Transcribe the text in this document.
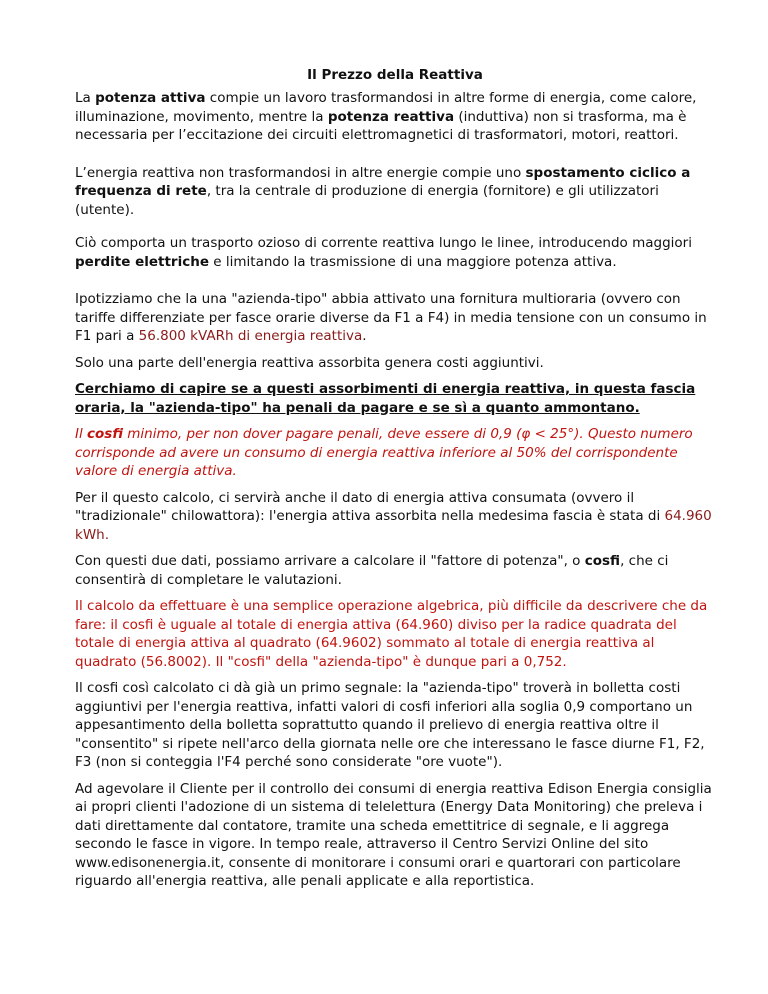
Il Prezzo della Reattiva

La potenza attiva compie un lavoro trasformandosi in altre forme di energia, come calore, illuminazione, movimento, mentre la potenza reattiva (induttiva) non si trasforma, ma è necessaria per l’eccitazione dei circuiti elettromagnetici di trasformatori, motori, reattori.

L’energia reattiva non trasformandosi in altre energie compie uno spostamento ciclico a frequenza di rete, tra la centrale di produzione di energia (fornitore) e gli utilizzatori (utente).

Ciò comporta un trasporto ozioso di corrente reattiva lungo le linee, introducendo maggiori perdite elettriche e limitando la trasmissione di una maggiore potenza attiva.

Ipotizziamo che la una "azienda-tipo" abbia attivato una fornitura multioraria (ovvero con tariffe differenziate per fasce orarie diverse da F1 a F4) in media tensione con un consumo in F1 pari a 56.800 kVARh di energia reattiva.

Solo una parte dell'energia reattiva assorbita genera costi aggiuntivi.

Cerchiamo di capire se a questi assorbimenti di energia reattiva, in questa fascia oraria, la "azienda-tipo" ha penali da pagare e se sì a quanto ammontano.

Il cosfi minimo, per non dover pagare penali, deve essere di 0,9 (φ < 25°). Questo numero corrisponde ad avere un consumo di energia reattiva inferiore al 50% del corrispondente valore di energia attiva.

Per il questo calcolo, ci servirà anche il dato di energia attiva consumata (ovvero il "tradizionale" chilowattora): l'energia attiva assorbita nella medesima fascia è stata di 64.960 kWh.

Con questi due dati, possiamo arrivare a calcolare il "fattore di potenza", o cosfi, che ci consentirà di completare le valutazioni.

Il calcolo da effettuare è una semplice operazione algebrica, più difficile da descrivere che da fare: il cosfi è uguale al totale di energia attiva (64.960) diviso per la radice quadrata del totale di energia attiva al quadrato (64.9602) sommato al totale di energia reattiva al quadrato (56.8002). Il "cosfi" della "azienda-tipo" è dunque pari a 0,752.

Il cosfi così calcolato ci dà già un primo segnale: la "azienda-tipo" troverà in bolletta costi aggiuntivi per l'energia reattiva, infatti valori di cosfi inferiori alla soglia 0,9 comportano un appesantimento della bolletta soprattutto quando il prelievo di energia reattiva oltre il "consentito" si ripete nell'arco della giornata nelle ore che interessano le fasce diurne F1, F2, F3 (non si conteggia l'F4 perché sono considerate "ore vuote").

Ad agevolare il Cliente per il controllo dei consumi di energia reattiva Edison Energia consiglia ai propri clienti l'adozione di un sistema di telelettura (Energy Data Monitoring) che preleva i dati direttamente dal contatore, tramite una scheda emettitrice di segnale, e li aggrega secondo le fasce in vigore. In tempo reale, attraverso il Centro Servizi Online del sito www.edisonenergia.it, consente di monitorare i consumi orari e quartorari con particolare riguardo all'energia reattiva, alle penali applicate e alla reportistica.
